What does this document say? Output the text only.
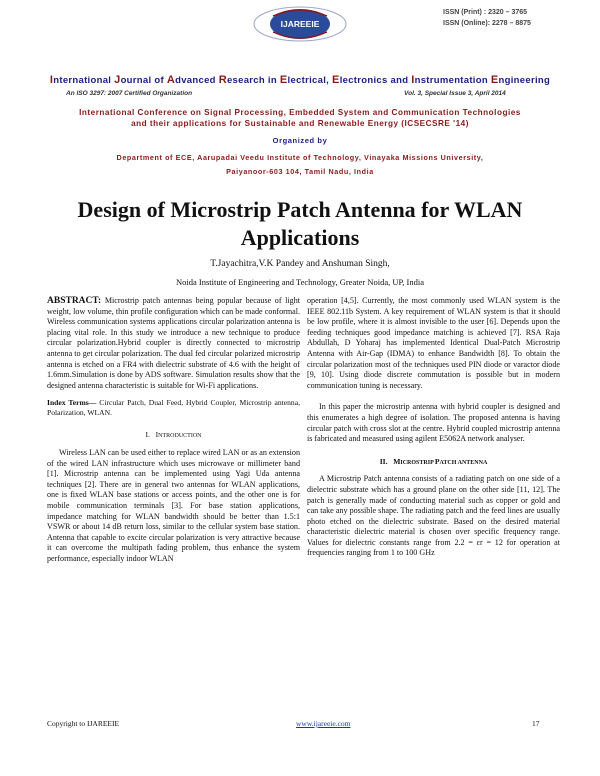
IJAREEIE
ISSN (Print) : 2320 – 3765
ISSN (Online): 2278 – 8875
International Journal of Advanced Research in Electrical, Electronics and Instrumentation Engineering
An ISO 3297: 2007 Certified Organization	Vol. 3, Special Issue 3, April 2014
International Conference on Signal Processing, Embedded System and Communication Technologies
and their applications for Sustainable and Renewable Energy (ICSECSRE '14)
Organized by
Department of ECE, Aarupadai Veedu Institute of Technology, Vinayaka Missions University,
Paiyanoor-603 104, Tamil Nadu, India
Design of Microstrip Patch Antenna for WLAN
Applications
T.Jayachitra,V.K Pandey and Anshuman Singh,
Noida Institute of Engineering and Technology, Greater Noida, UP, India

ABSTRACT: Microstrip patch antennas being popular because of light weight, low volume, thin profile configuration which can be made conformal. Wireless communication systems applications circular polarization antenna is placing vital role. In this study we introduce a new technique to produce circular polarization.Hybrid coupler is directly connected to microstrip antenna to get circular polarization. The dual fed circular polarized microstrip antenna is etched on a FR4 with dielectric substrate of 4.6 with the height of 1.6mm.Simulation is done by ADS software. Simulation results show that the designed antenna characteristic is suitable for Wi-Fi applications.

Index Terms— Circular Patch, Dual Feed, Hybrid Coupler, Microstrip antenna, Polarization, WLAN.

I. INTRODUCTION

Wireless LAN can be used either to replace wired LAN or as an extension of the wired LAN infrastructure which uses microwave or millimeter band [1]. Microstrip antenna can be implemented using Yagi Uda antenna techniques [2]. There are in general two antennas for WLAN applications, one is fixed WLAN base stations or access points, and the other one is for mobile communication terminals [3]. For base station applications, impedance matching for WLAN bandwidth should be better than 1.5:1 VSWR or about 14 dB return loss, similar to the cellular system base station. Antenna that capable to excite circular polarization is very attractive because it can overcome the multipath fading problem, thus enhance the system performance, especially indoor WLAN

operation [4,5]. Currently, the most commonly used WLAN system is the IEEE 802.11b System. A key requirement of WLAN system is that it should be low profile, where it is almost invisible to the user [6]. Depends upon the feeding techniques good impedance matching is achieved [7]. RSA Raja Abdullah, D Yoharaj has implemented Identical Dual-Patch Microstrip Antenna with Air-Gap (IDMA) to enhance Bandwidth [8]. To obtain the circular polarization most of the techniques used PIN diode or varactor diode [9, 10]. Using diode discrete commutation is possible but in modern communication tuning is necessary.

In this paper the microstrip antenna with hybrid coupler is designed and this enumerates a high degree of isolation. The proposed antenna is having circular patch with cross slot at the centre. Hybrid coupled microstrip antenna is fabricated and measured using agilent E5062A network analyser.

II. MICROSTRIP PATCH ANTENNA

A Microstrip Patch antenna consists of a radiating patch on one side of a dielectric substrate which has a ground plane on the other side [11, 12]. The patch is generally made of conducting material such as copper or gold and can take any possible shape. The radiating patch and the feed lines are usually photo etched on the dielectric substrate. Based on the desired material characteristic dielectric material is chosen over specific frequency range. Values for dielectric constants range from 2.2 = εr = 12 for operation at frequencies ranging from 1 to 100 GHz

Copyright to IJAREEIE	www.ijareeie.com	17
